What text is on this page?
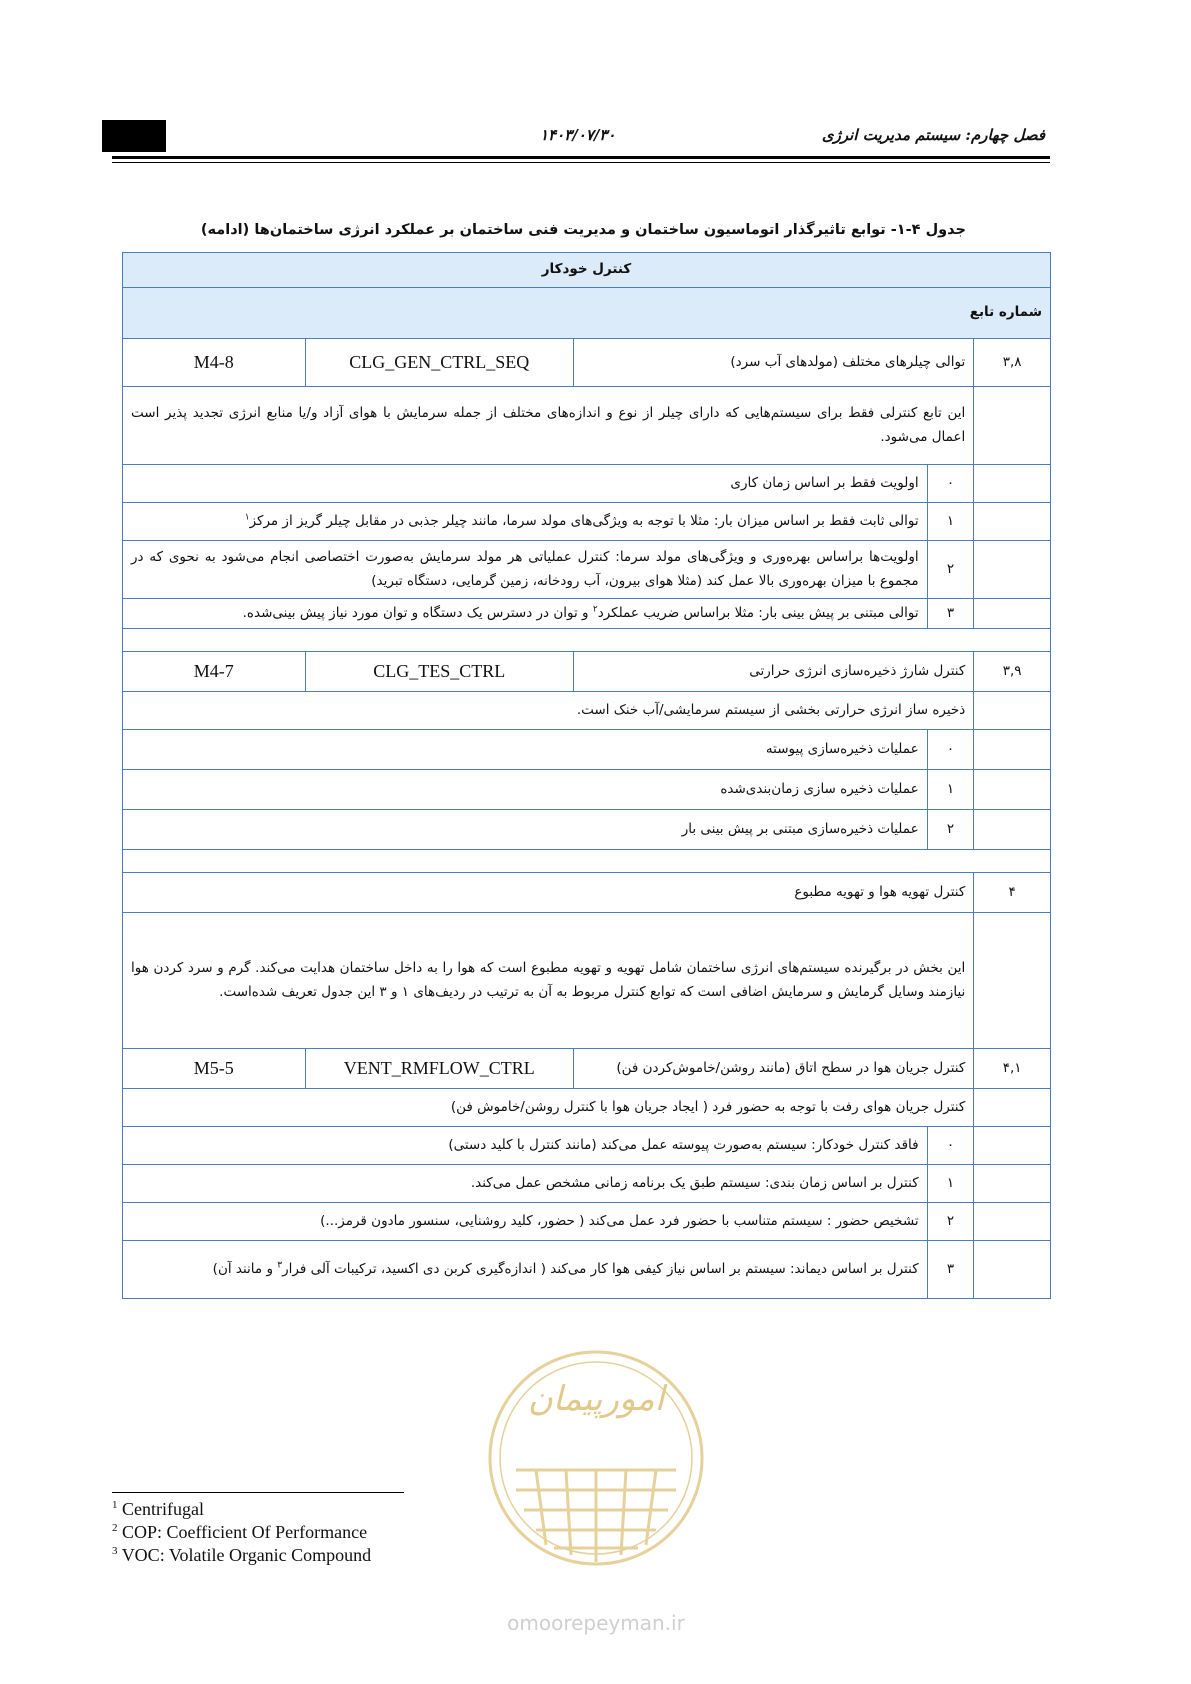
فصل چهارم: سیستم مدیریت انرژی
۱۴۰۳/۰۷/۳۰
جدول ۴-۱- توابع تاثیرگذار اتوماسیون ساختمان و مدیریت فنی ساختمان بر عملکرد انرژی ساختمان‌ها (ادامه)
کنترل خودکار				
شماره تابع				
۳,۸	توالی چیلرهای مختلف (مولدهای آب سرد)		CLG_GEN_CTRL_SEQ	M4-8
	این تابع کنترلی فقط برای سیستم‌هایی که دارای چیلر از نوع و اندازه‌های مختلف از جمله سرمایش با هوای آزاد و/یا منابع انرژی تجدید پذیر است اعمال می‌شود.			
	۰	اولویت فقط بر اساس زمان کاری		
	۱	توالی ثابت فقط بر اساس میزان بار: مثلا با توجه به ویژگی‌های مولد سرما، مانند چیلر جذبی در مقابل چیلر گریز از مرکز$^۱$
	۲	اولویت‌ها براساس بهره‌وری و ویژگی‌های مولد سرما: کنترل عملیاتی هر مولد سرمایش به‌صورت اختصاصی انجام می‌شود به نحوی که در مجموع با میزان بهره‌وری بالا عمل کند (مثلا هوای بیرون، آب رودخانه، زمین گرمایی، دستگاه تبرید)		
	۳	توالی مبتنی بر پیش بینی بار: مثلا براساس ضریب عملکرد$^۲$ و توان در دسترس یک دستگاه و توان مورد نیاز پیش بینی‌شده.		

۳,۹	کنترل شارژ ذخیره‌سازی انرژی حرارتی		CLG_TES_CTRL	M4-7
	ذخیره ساز انرژی حرارتی بخشی از سیستم سرمایشی/آب خنک است.			
	۰	عملیات ذخیره‌سازی پیوسته		
	۱	عملیات ذخیره سازی زمان‌بندی‌شده		
	۲	عملیات ذخیره‌سازی مبتنی بر پیش بینی بار		

۴	کنترل تهویه هوا و تهویه مطبوع			
	این بخش در برگیرنده سیستم‌های انرژی ساختمان شامل تهویه و تهویه مطبوع است که هوا را به داخل ساختمان هدایت می‌کند. گرم و سرد کردن هوا نیازمند وسایل گرمایش و سرمایش اضافی است که توابع کنترل مربوط به آن به ترتیب در ردیف‌های ۱ و ۳ این جدول تعریف شده‌است.			
۴,۱	کنترل جریان هوا در سطح اتاق (مانند روشن/خاموش‌کردن فن)		VENT_RMFLOW_CTRL	M5-5
	کنترل جریان هوای رفت با توجه به حضور فرد ( ایجاد جریان هوا با کنترل روشن/خاموش فن)			
	۰	فاقد کنترل خودکار: سیستم به‌صورت پیوسته عمل می‌کند (مانند کنترل با کلید دستی)		
	۱	کنترل بر اساس زمان بندی: سیستم طبق یک برنامه زمانی مشخص عمل می‌کند.		
	۲	تشخیص حضور : سیستم متناسب با حضور فرد عمل می‌کند ( حضور، کلید روشنایی، سنسور مادون قرمز...)		
	۳	کنترل بر اساس دیماند: سیستم بر اساس نیاز کیفی هوا کار می‌کند ( اندازه‌گیری کربن دی اکسید، ترکیبات آلی فرار$^۳$ و مانند آن)		
امورپیمان
omoorepeyman.ir
$^1$ Centrifugal
$^2$ COP: Coefficient Of Performance
$^3$ VOC: Volatile Organic Compound
